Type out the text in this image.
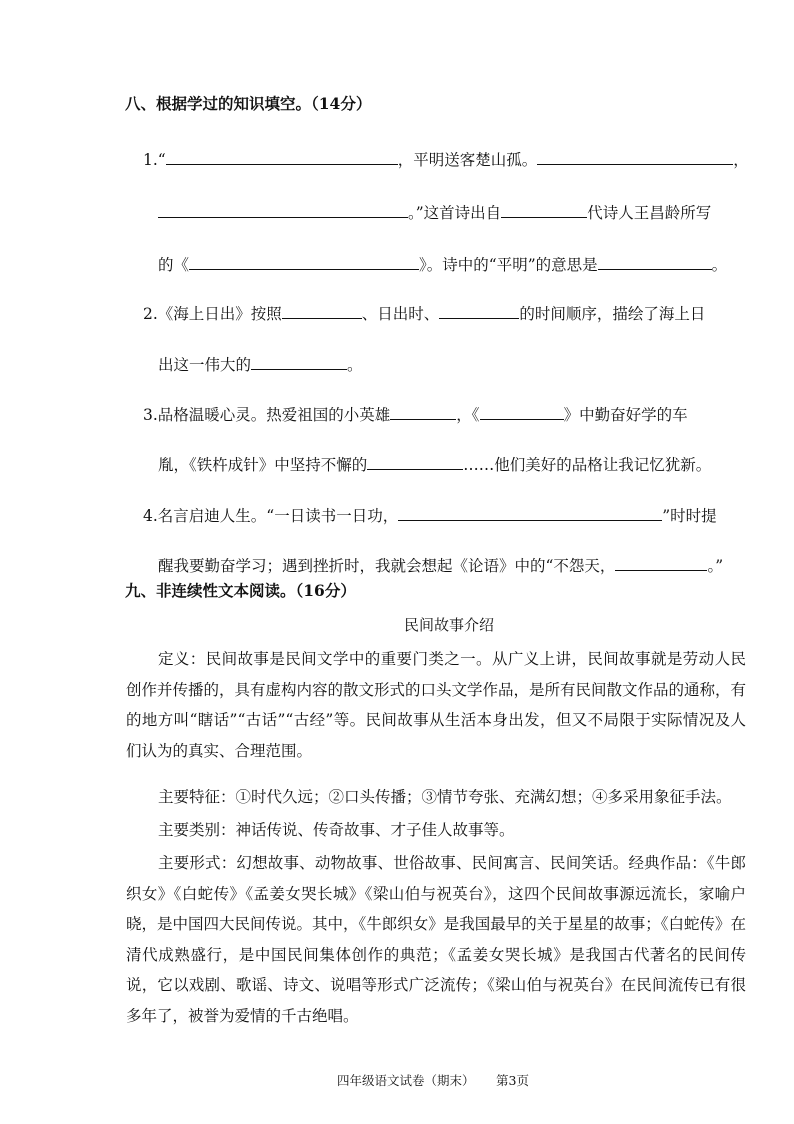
八、根据学过的知识填空。（14分）
1.“	，平明送客楚山孤。	，
。”这首诗出自	代诗人王昌龄所写
的《	》。诗中的“平明”的意思是	。
2.《海上日出》按照	、日出时、	的时间顺序，描绘了海上日
出这一伟大的	。
3.品格温暖心灵。热爱祖国的小英雄	，《	》中勤奋好学的车
胤，《铁杵成针》中坚持不懈的	……他们美好的品格让我记忆犹新。
4.名言启迪人生。“一日读书一日功，	”时时提
醒我要勤奋学习；遇到挫折时，我就会想起《论语》中的“不怨天，	。”
九、非连续性文本阅读。（16分）
民间故事介绍
定义：民间故事是民间文学中的重要门类之一。从广义上讲，民间故事就是劳动人民创作并传播的，具有虚构内容的散文形式的口头文学作品，是所有民间散文作品的通称，有的地方叫“瞎话”“古话”“古经”等。民间故事从生活本身出发，但又不局限于实际情况及人们认为的真实、合理范围。
主要特征：①时代久远；②口头传播；③情节夸张、充满幻想；④多采用象征手法。
主要类别：神话传说、传奇故事、才子佳人故事等。
主要形式：幻想故事、动物故事、世俗故事、民间寓言、民间笑话。经典作品：《牛郎织女》《白蛇传》《孟姜女哭长城》《梁山伯与祝英台》，这四个民间故事源远流长，家喻户晓，是中国四大民间传说。其中，《牛郎织女》是我国最早的关于星星的故事；《白蛇传》在清代成熟盛行，是中国民间集体创作的典范；《孟姜女哭长城》是我国古代著名的民间传说，它以戏剧、歌谣、诗文、说唱等形式广泛流传；《梁山伯与祝英台》在民间流传已有很多年了，被誉为爱情的千古绝唱。
四年级语文试卷（期末） 第3页
